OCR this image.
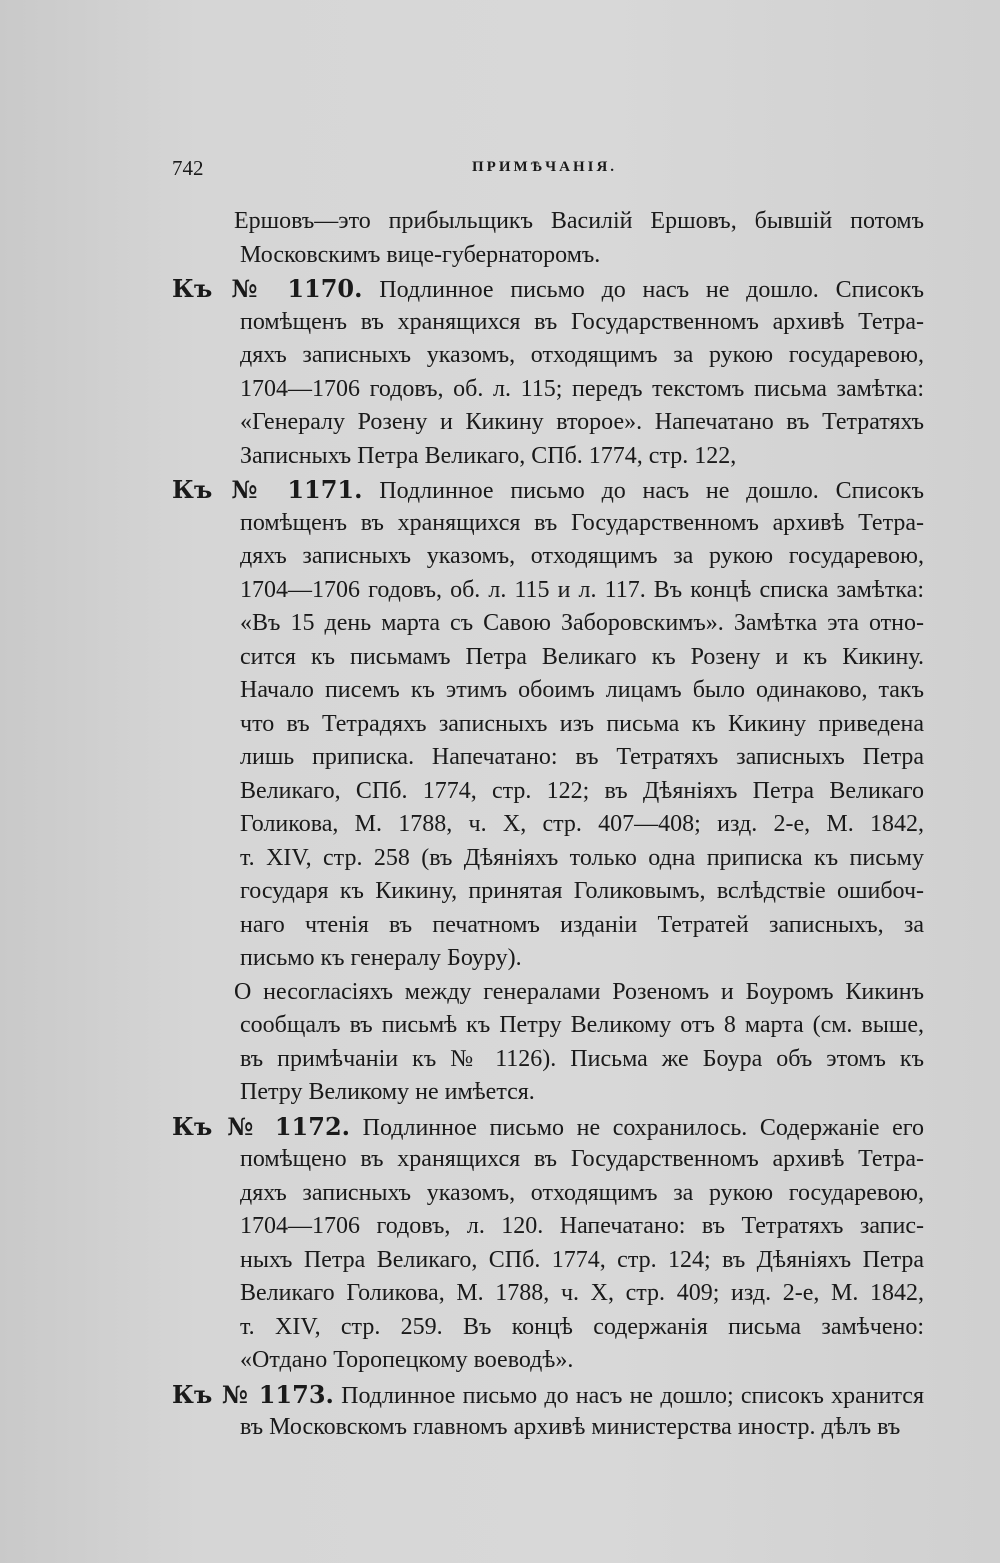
742	ПРИМѢЧАНІЯ.
Ершовъ—это прибыльщикъ Василій Ершовъ, бывшій потомъ
Московскимъ вице-губернаторомъ.
Къ № 1170. Подлинное письмо до насъ не дошло. Списокъ
помѣщенъ въ хранящихся въ Государственномъ архивѣ Тетра-
дяхъ записныхъ указомъ, отходящимъ за рукою государевою,
1704—1706 годовъ, об. л. 115; передъ текстомъ письма замѣтка:
«Генералу Розену и Кикину второе». Напечатано въ Тетратяхъ
Записныхъ Петра Великаго, СПб. 1774, стр. 122,
Къ № 1171. Подлинное письмо до насъ не дошло. Списокъ
помѣщенъ въ хранящихся въ Государственномъ архивѣ Тетра-
дяхъ записныхъ указомъ, отходящимъ за рукою государевою,
1704—1706 годовъ, об. л. 115 и л. 117. Въ концѣ списка замѣтка:
«Въ 15 день марта съ Савою Заборовскимъ». Замѣтка эта отно-
сится къ письмамъ Петра Великаго къ Розену и къ Кикину.
Начало писемъ къ этимъ обоимъ лицамъ было одинаково, такъ
что въ Тетрадяхъ записныхъ изъ письма къ Кикину приведена
лишь приписка. Напечатано: въ Тетратяхъ записныхъ Петра
Великаго, СПб. 1774, стр. 122; въ Дѣяніяхъ Петра Великаго
Голикова, М. 1788, ч. X, стр. 407—408; изд. 2-е, М. 1842,
т. XIV, стр. 258 (въ Дѣяніяхъ только одна приписка къ письму
государя къ Кикину, принятая Голиковымъ, вслѣдствіе ошибоч-
наго чтенія въ печатномъ изданіи Тетратей записныхъ, за
письмо къ генералу Боуру).
О несогласіяхъ между генералами Розеномъ и Боуромъ Кикинъ
сообщалъ въ письмѣ къ Петру Великому отъ 8 марта (см. выше,
въ примѣчаніи къ № 1126). Письма же Боура объ этомъ къ
Петру Великому не имѣется.
Къ № 1172. Подлинное письмо не сохранилось. Содержаніе его
помѣщено въ хранящихся въ Государственномъ архивѣ Тетра-
дяхъ записныхъ указомъ, отходящимъ за рукою государевою,
1704—1706 годовъ, л. 120. Напечатано: въ Тетратяхъ запис-
ныхъ Петра Великаго, СПб. 1774, стр. 124; въ Дѣяніяхъ Петра
Великаго Голикова, М. 1788, ч. X, стр. 409; изд. 2-е, М. 1842,
т. XIV, стр. 259. Въ концѣ содержанія письма замѣчено:
«Отдано Торопецкому воеводѣ».
Къ № 1173. Подлинное письмо до насъ не дошло; списокъ хранится
въ Московскомъ главномъ архивѣ министерства иностр. дѣлъ въ
